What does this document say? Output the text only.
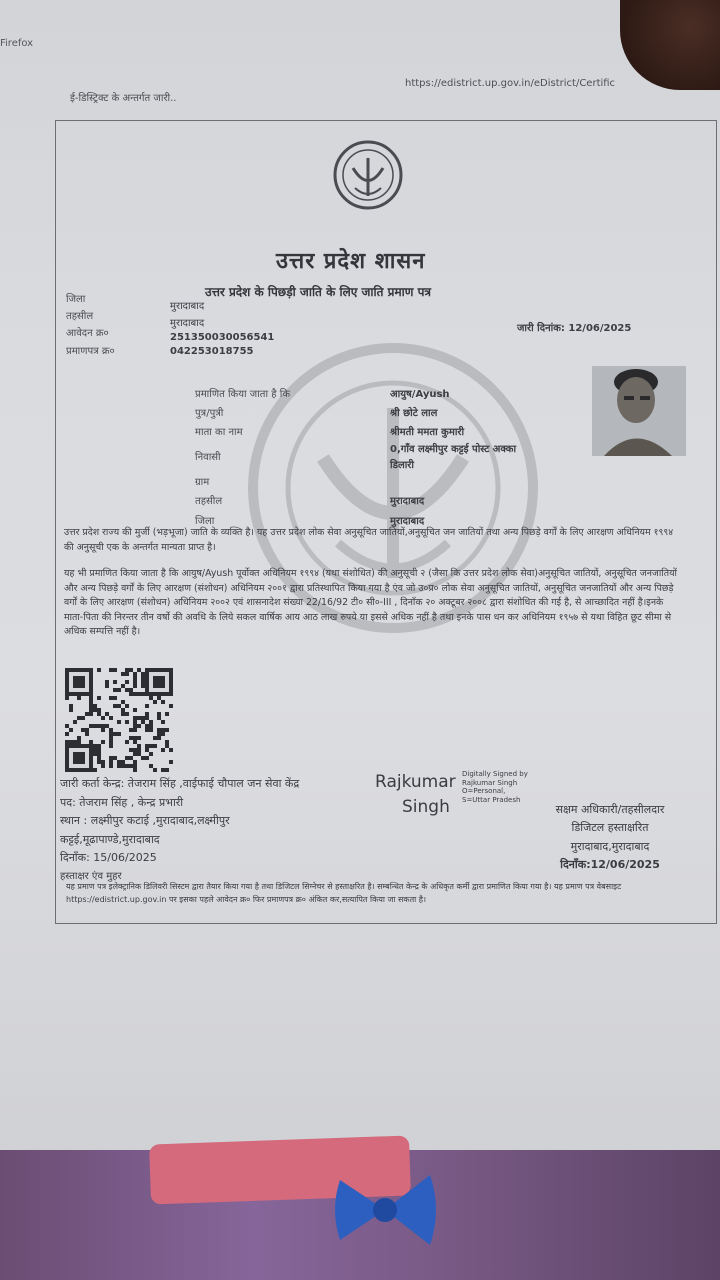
Firefox
https://edistrict.up.gov.in/eDistrict/Certific
ई-डिस्ट्रिक्ट के अन्तर्गत जारी..
उत्तर प्रदेश शासन
उत्तर प्रदेश के पिछड़ी जाति के लिए जाति प्रमाण पत्र
जिला
मुरादाबाद
तहसील
मुरादाबाद
आवेदन क्र०	251350030056541
प्रमाणपत्र क्र०	042253018755
जारी दिनांक: 12/06/2025
प्रमाणित किया जाता है कि	आयुष/Ayush
पुत्र/पुत्री	श्री छोटे लाल
माता का नाम	श्रीमती ममता कुमारी
निवासी
0,गाँव लक्ष्मीपुर कट्टई पोस्ट अक्का
डिलारी
ग्राम
तहसील	मुरादाबाद
जिला	मुरादाबाद
उत्तर प्रदेश राज्य की मुर्जी (भड़भूजा) जाति के व्यक्ति है। यह उत्तर प्रदेश लोक सेवा अनुसूचित जातियों,अनुसूचित जन जातियों तथा अन्य पिछड़े वर्गों के लिए आरक्षण अधिनियम १९९४ की अनुसूची एक के अन्तर्गत मान्यता प्राप्त है।
यह भी प्रमाणित किया जाता है कि आयुष/Ayush पूर्वोक्त अधिनियम १९९४ (यथा संशोधित) की अनुसूची २ (जैसा कि उत्तर प्रदेश लोक सेवा)अनुसूचित जातियों, अनुसूचित जनजातियों और अन्य पिछड़े वर्गों के लिए आरक्षण (संशोधन) अधिनियम २००१ द्वारा प्रतिस्थापित किया गया है एंव जो उ०प्र० लोक सेवा अनुसूचित जातियों, अनुसूचित जनजातियों और अन्य पिछड़े वर्गों के लिए आरक्षण (संशोधन) अधिनियम २००२ एवं शासनादेश संख्या 22/16/92 टी० सी०-III , दिनाँक २० अक्टूबर २००८ द्वारा संशोधित की गई है, से आच्छादित नहीं है।इनके माता-पिता की निरन्तर तीन वर्षो की अवधि के लिये सकल वार्षिक आय आठ लाख रुपये या इससे अधिक नहीं है तथा इनके पास धन कर अधिनियम १९५७ से यथा विहित छूट सीमा से अधिक सम्पत्ति नहीं है।
जारी कर्ता केन्द्र: तेजराम सिंह ,वाईफाई चौपाल जन सेवा केंद्र
पद: तेजराम सिंह , केन्द्र प्रभारी
स्थान : लक्ष्मीपुर कटाई ,मुरादाबाद,लक्ष्मीपुर
कट्टई,मूढापाण्डे,मुरादाबाद
दिनाँक: 15/06/2025
हस्ताक्षर एंव मुहर
Rajkumar
Singh
Digitally Signed by Rajkumar Singh O=Personal, S=Uttar Pradesh
सक्षम अधिकारी/तहसीलदार
डिजिटल हस्ताक्षरित
मुरादाबाद,मुरादाबाद
दिनाँक:12/06/2025
यह प्रमाण पत्र इलेक्ट्रानिक डिलिवरी सिस्टम द्वारा तैयार किया गया है तथा डिजिटल सिग्नेचर से हस्ताक्षरित है। सम्बन्धित केन्द्र के अधिकृत कर्मी द्वारा प्रमाणित किया गया है। यह प्रमाण पत्र वेबसाइट https://edistrict.up.gov.in पर इसका पहले आवेदन क्र० फिर प्रमाणपत्र क्र० अंकित कर,सत्यापित किया जा सकता है।
